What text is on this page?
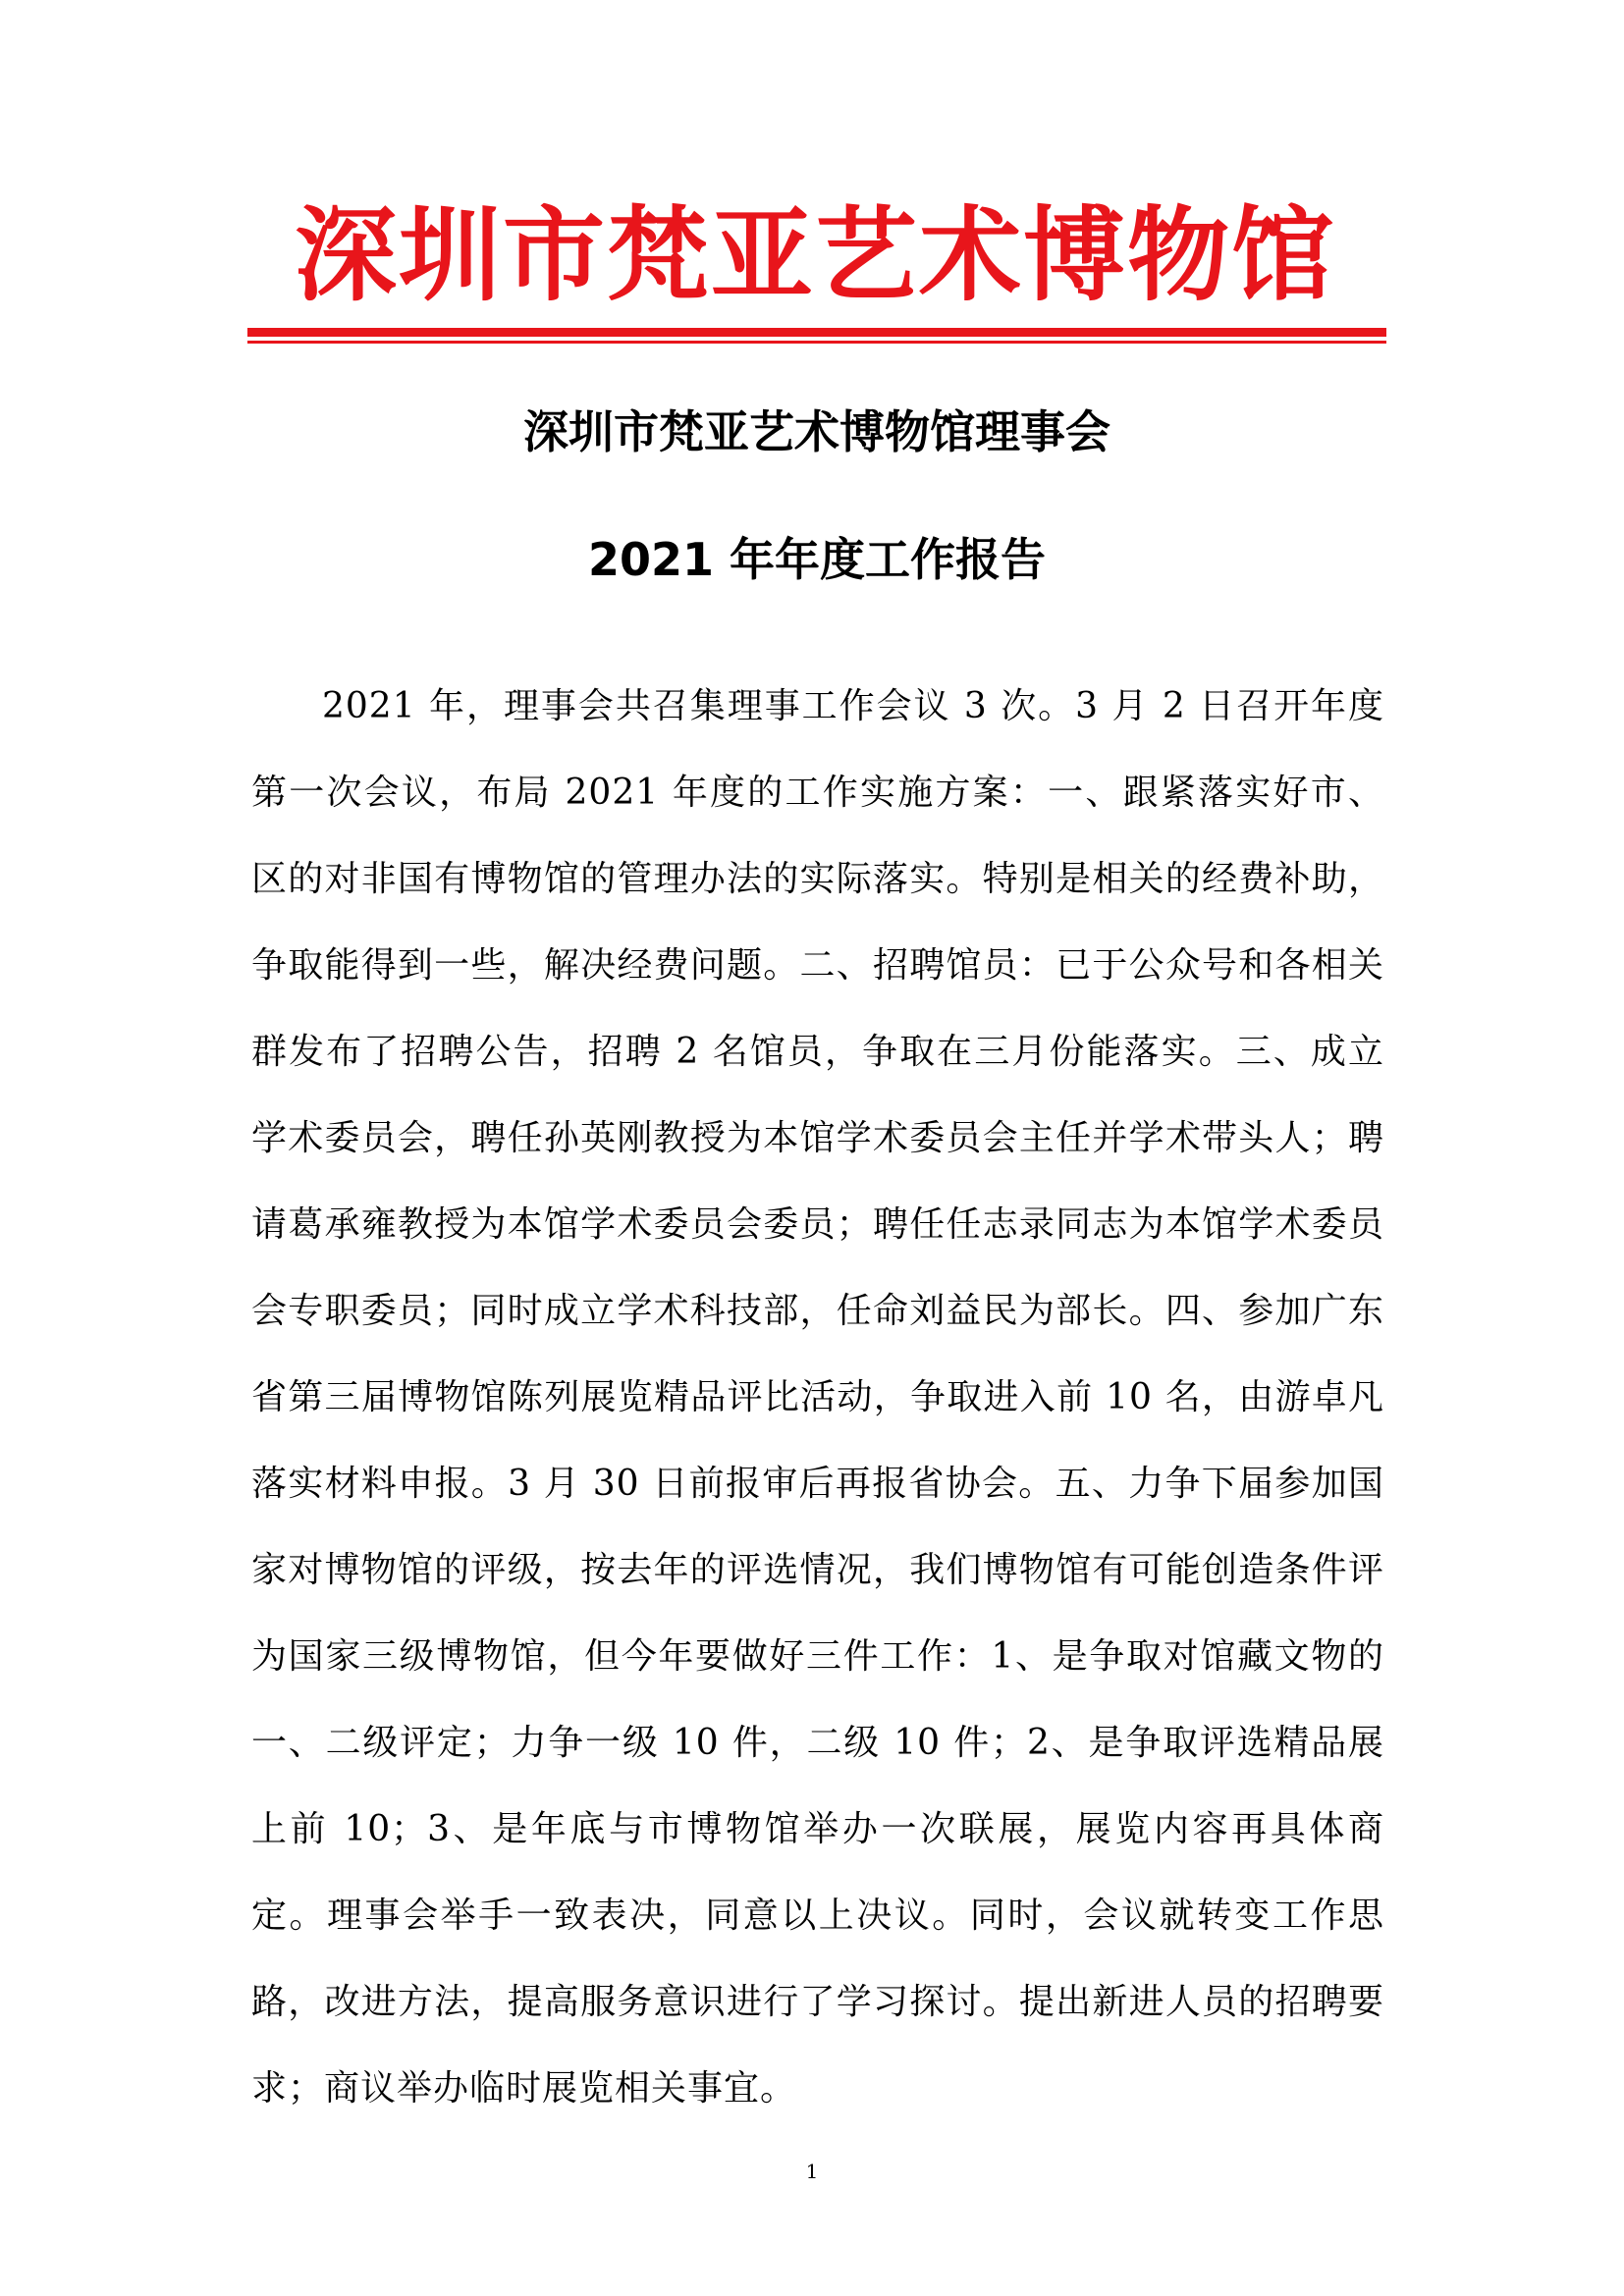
深圳市梵亚艺术博物馆
深圳市梵亚艺术博物馆理事会
2021 年年度工作报告

2021 年，理事会共召集理事工作会议 3 次。3 月 2 日召开年度第一次会议，布局 2021 年度的工作实施方案：一、跟紧落实好市、区的对非国有博物馆的管理办法的实际落实。特别是相关的经费补助，争取能得到一些，解决经费问题。二、招聘馆员：已于公众号和各相关群发布了招聘公告，招聘 2 名馆员，争取在三月份能落实。三、成立学术委员会，聘任孙英刚教授为本馆学术委员会主任并学术带头人；聘请葛承雍教授为本馆学术委员会委员；聘任任志录同志为本馆学术委员会专职委员；同时成立学术科技部，任命刘益民为部长。四、参加广东省第三届博物馆陈列展览精品评比活动，争取进入前 10 名，由游卓凡落实材料申报。3 月 30 日前报审后再报省协会。五、力争下届参加国家对博物馆的评级，按去年的评选情况，我们博物馆有可能创造条件评为国家三级博物馆，但今年要做好三件工作：1、是争取对馆藏文物的一、二级评定；力争一级 10 件，二级 10 件；2、是争取评选精品展上前 10；3、是年底与市博物馆举办一次联展，展览内容再具体商定。理事会举手一致表决，同意以上决议。同时，会议就转变工作思路，改进方法，提高服务意识进行了学习探讨。提出新进人员的招聘要求；商议举办临时展览相关事宜。

1
